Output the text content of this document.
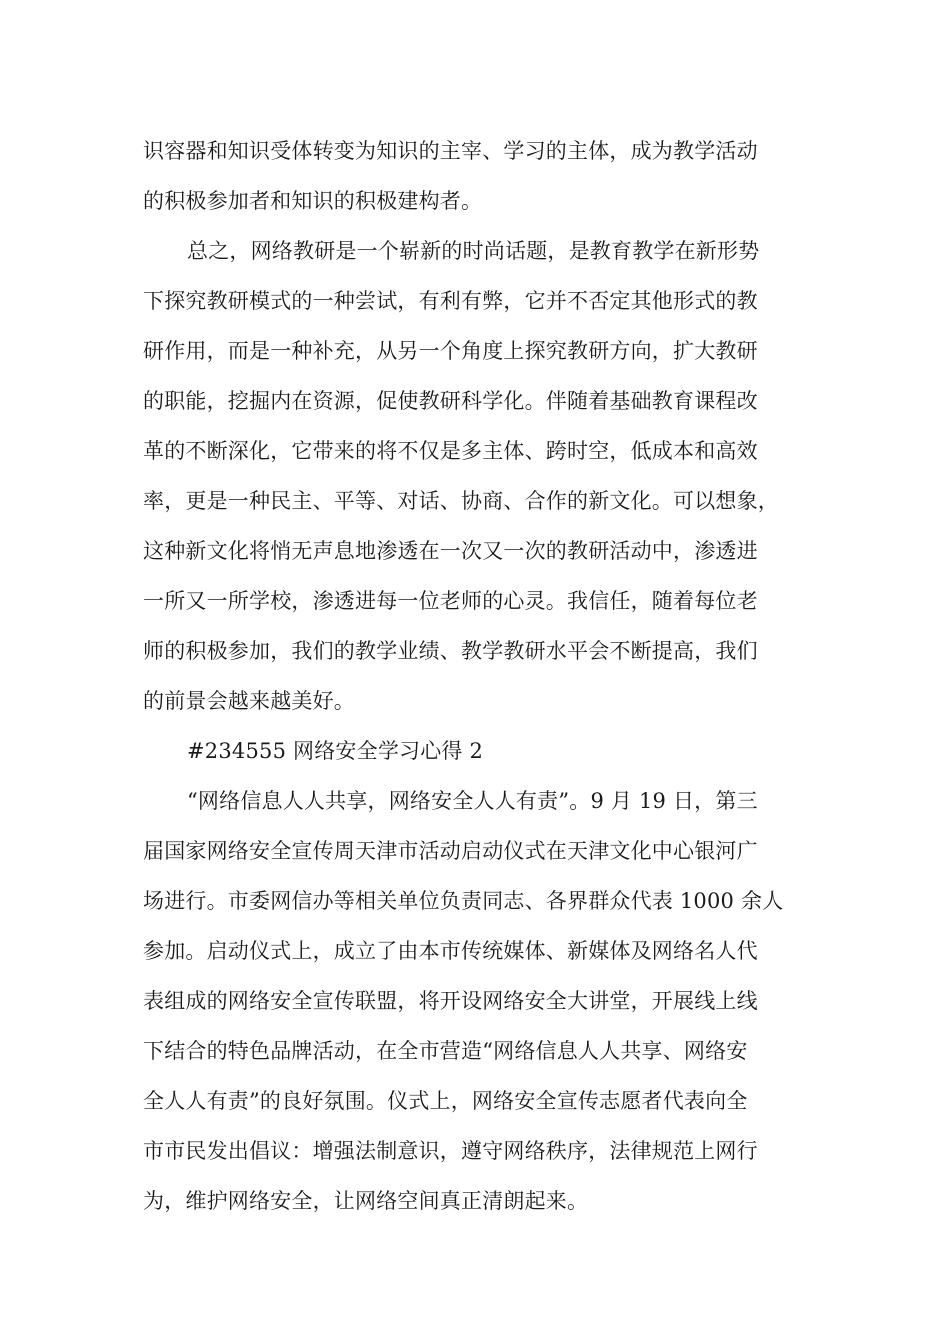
识容器和知识受体转变为知识的主宰、学习的主体，成为教学活动
的积极参加者和知识的积极建构者。
总之，网络教研是一个崭新的时尚话题，是教育教学在新形势
下探究教研模式的一种尝试，有利有弊，它并不否定其他形式的教
研作用，而是一种补充，从另一个角度上探究教研方向，扩大教研
的职能，挖掘内在资源，促使教研科学化。伴随着基础教育课程改
革的不断深化，它带来的将不仅是多主体、跨时空，低成本和高效
率，更是一种民主、平等、对话、协商、合作的新文化。可以想象，
这种新文化将悄无声息地渗透在一次又一次的教研活动中，渗透进
一所又一所学校，渗透进每一位老师的心灵。我信任，随着每位老
师的积极参加，我们的教学业绩、教学教研水平会不断提高，我们
的前景会越来越美好。
#234555 网络安全学习心得 2
“网络信息人人共享，网络安全人人有责”。9 月 19 日，第三
届国家网络安全宣传周天津市活动启动仪式在天津文化中心银河广
场进行。市委网信办等相关单位负责同志、各界群众代表 1000 余人
参加。启动仪式上，成立了由本市传统媒体、新媒体及网络名人代
表组成的网络安全宣传联盟，将开设网络安全大讲堂，开展线上线
下结合的特色品牌活动，在全市营造“网络信息人人共享、网络安
全人人有责”的良好氛围。仪式上，网络安全宣传志愿者代表向全
市市民发出倡议：增强法制意识，遵守网络秩序，法律规范上网行
为，维护网络安全，让网络空间真正清朗起来。
